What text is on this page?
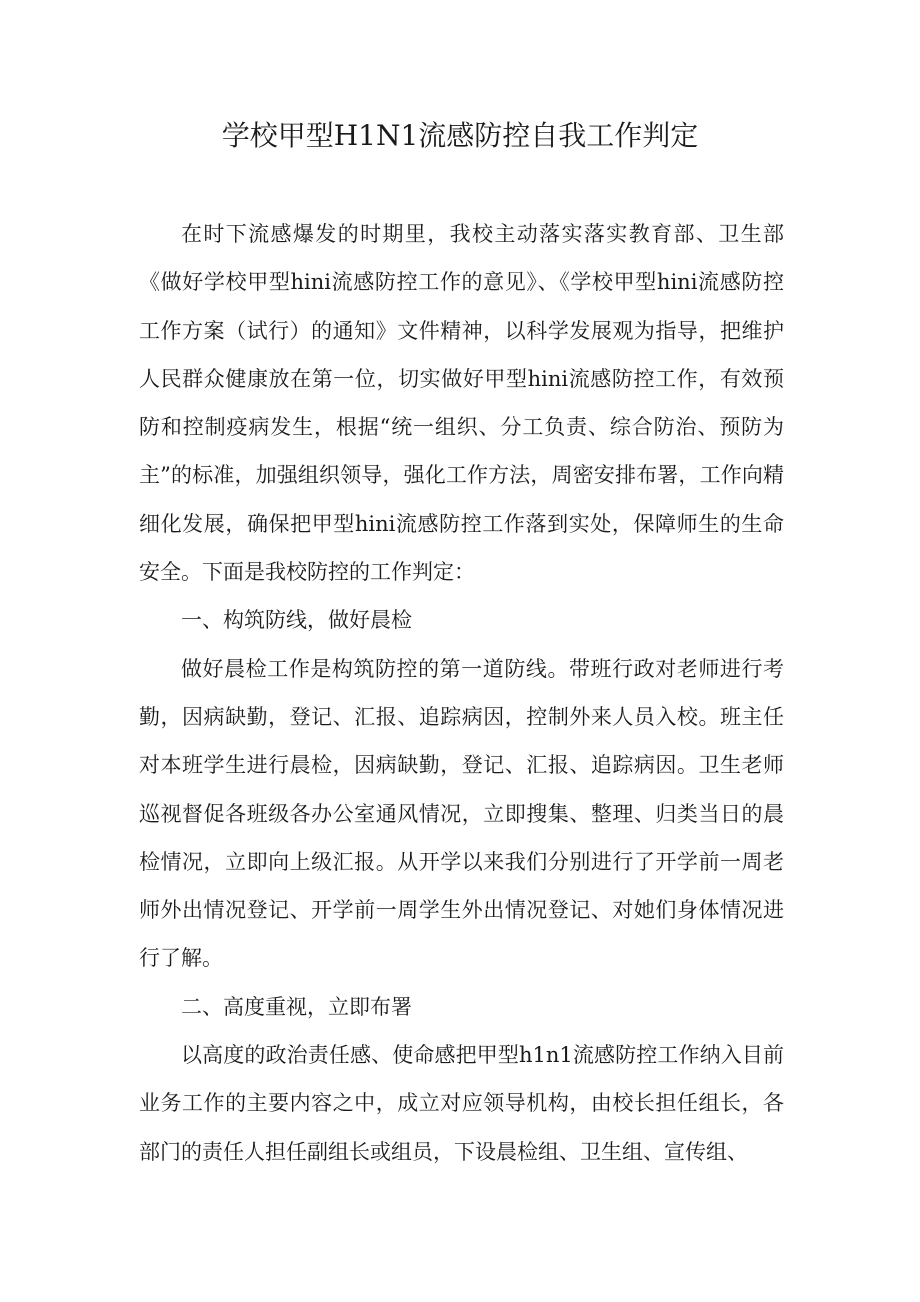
学校甲型H1N1流感防控自我工作判定

在时下流感爆发的时期里，我校主动落实落实教育部、卫生部《做好学校甲型hini流感防控工作的意见》、《学校甲型hini流感防控工作方案（试行）的通知》文件精神，以科学发展观为指导，把维护人民群众健康放在第一位，切实做好甲型hini流感防控工作，有效预防和控制疫病发生，根据“统一组织、分工负责、综合防治、预防为主”的标准，加强组织领导，强化工作方法，周密安排布署，工作向精细化发展，确保把甲型hini流感防控工作落到实处，保障师生的生命安全。下面是我校防控的工作判定：

一、构筑防线，做好晨检

做好晨检工作是构筑防控的第一道防线。带班行政对老师进行考勤，因病缺勤，登记、汇报、追踪病因，控制外来人员入校。班主任对本班学生进行晨检，因病缺勤，登记、汇报、追踪病因。卫生老师巡视督促各班级各办公室通风情况，立即搜集、整理、归类当日的晨检情况，立即向上级汇报。从开学以来我们分别进行了开学前一周老师外出情况登记、开学前一周学生外出情况登记、对她们身体情况进行了解。

二、高度重视，立即布署

以高度的政治责任感、使命感把甲型h1n1流感防控工作纳入目前业务工作的主要内容之中，成立对应领导机构，由校长担任组长，各部门的责任人担任副组长或组员，下设晨检组、卫生组、宣传组、
